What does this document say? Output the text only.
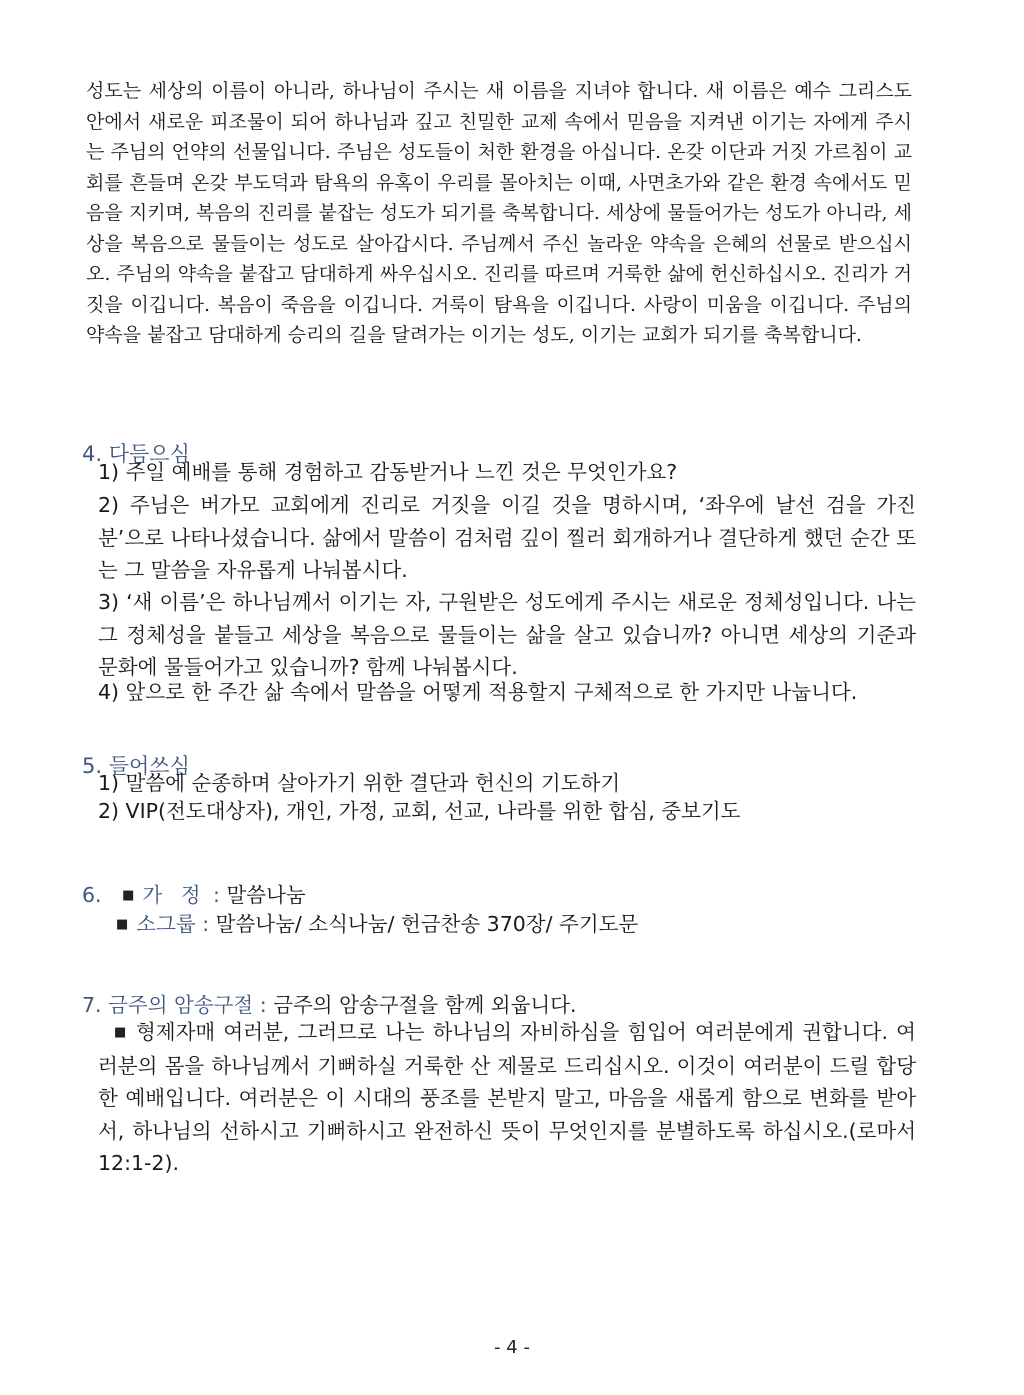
성도는 세상의 이름이 아니라, 하나님이 주시는 새 이름을 지녀야 합니다. 새 이름은 예수 그리스도 안에서 새로운 피조물이 되어 하나님과 깊고 친밀한 교제 속에서 믿음을 지켜낸 이기는 자에게 주시는 주님의 언약의 선물입니다. 주님은 성도들이 처한 환경을 아십니다. 온갖 이단과 거짓 가르침이 교회를 흔들며 온갖 부도덕과 탐욕의 유혹이 우리를 몰아치는 이때, 사면초가와 같은 환경 속에서도 믿음을 지키며, 복음의 진리를 붙잡는 성도가 되기를 축복합니다. 세상에 물들어가는 성도가 아니라, 세상을 복음으로 물들이는 성도로 살아갑시다. 주님께서 주신 놀라운 약속을 은혜의 선물로 받으십시오. 주님의 약속을 붙잡고 담대하게 싸우십시오. 진리를 따르며 거룩한 삶에 헌신하십시오. 진리가 거짓을 이깁니다. 복음이 죽음을 이깁니다. 거룩이 탐욕을 이깁니다. 사랑이 미움을 이깁니다. 주님의 약속을 붙잡고 담대하게 승리의 길을 달려가는 이기는 성도, 이기는 교회가 되기를 축복합니다.

4. 다듬으심

1) 주일 예배를 통해 경험하고 감동받거나 느낀 것은 무엇인가요?

2) 주님은 버가모 교회에게 진리로 거짓을 이길 것을 명하시며, ‘좌우에 날선 검을 가진 분’으로 나타나셨습니다. 삶에서 말씀이 검처럼 깊이 찔러 회개하거나 결단하게 했던 순간 또는 그 말씀을 자유롭게 나눠봅시다.

3) ‘새 이름’은 하나님께서 이기는 자, 구원받은 성도에게 주시는 새로운 정체성입니다. 나는 그 정체성을 붙들고 세상을 복음으로 물들이는 삶을 살고 있습니까? 아니면 세상의 기준과 문화에 물들어가고 있습니까? 함께 나눠봅시다.

4) 앞으로 한 주간 삶 속에서 말씀을 어떻게 적용할지 구체적으로 한 가지만 나눕니다.

5. 들어쓰심

1) 말씀에 순종하며 살아가기 위한 결단과 헌신의 기도하기

2) VIP(전도대상자), 개인, 가정, 교회, 선교, 나라를 위한 합심, 중보기도

6. ■ 가 정 : 말씀나눔
■ 소그룹 : 말씀나눔/ 소식나눔/ 헌금찬송 370장/ 주기도문
7. 금주의 암송구절 : 금주의 암송구절을 함께 외웁니다.

■ 형제자매 여러분, 그러므로 나는 하나님의 자비하심을 힘입어 여러분에게 권합니다. 여러분의 몸을 하나님께서 기뻐하실 거룩한 산 제물로 드리십시오. 이것이 여러분이 드릴 합당한 예배입니다. 여러분은 이 시대의 풍조를 본받지 말고, 마음을 새롭게 함으로 변화를 받아서, 하나님의 선하시고 기뻐하시고 완전하신 뜻이 무엇인지를 분별하도록 하십시오.(로마서 12:1-2).

- 4 -
